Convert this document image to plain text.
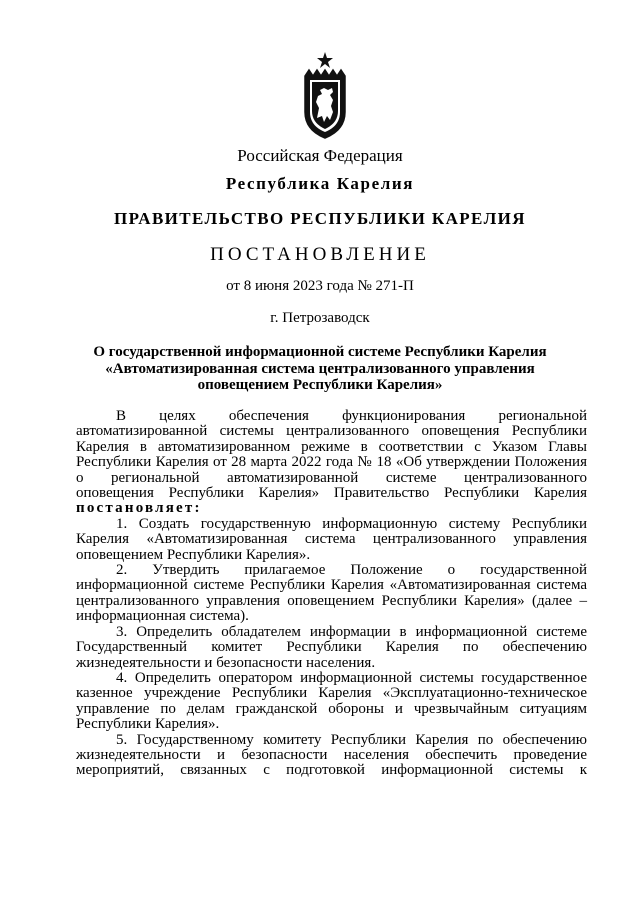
Российская Федерация
Республика Карелия
ПРАВИТЕЛЬСТВО РЕСПУБЛИКИ КАРЕЛИЯ
ПОСТАНОВЛЕНИЕ
от 8 июня 2023 года № 271-П
г. Петрозаводск
О государственной информационной системе Республики Карелия
«Автоматизированная система централизованного управления
оповещением Республики Карелия»

В целях обеспечения функционирования региональной
автоматизированной системы централизованного оповещения Республики
Карелия в автоматизированном режиме в соответствии с Указом Главы
Республики Карелия от 28 марта 2022 года № 18 «Об утверждении Положения
о региональной автоматизированной системе централизованного
оповещения Республики Карелия» Правительство Республики Карелия
постановляет:

1. Создать государственную информационную систему Республики
Карелия «Автоматизированная система централизованного управления
оповещением Республики Карелия».

2. Утвердить прилагаемое Положение о государственной
информационной системе Республики Карелия «Автоматизированная система
централизованного управления оповещением Республики Карелия» (далее –
информационная система).

3. Определить обладателем информации в информационной системе
Государственный комитет Республики Карелия по обеспечению
жизнедеятельности и безопасности населения.

4. Определить оператором информационной системы государственное
казенное учреждение Республики Карелия «Эксплуатационно-техническое
управление по делам гражданской обороны и чрезвычайным ситуациям
Республики Карелия».

5. Государственному комитету Республики Карелия по обеспечению
жизнедеятельности и безопасности населения обеспечить проведение
мероприятий, связанных с подготовкой информационной системы к
